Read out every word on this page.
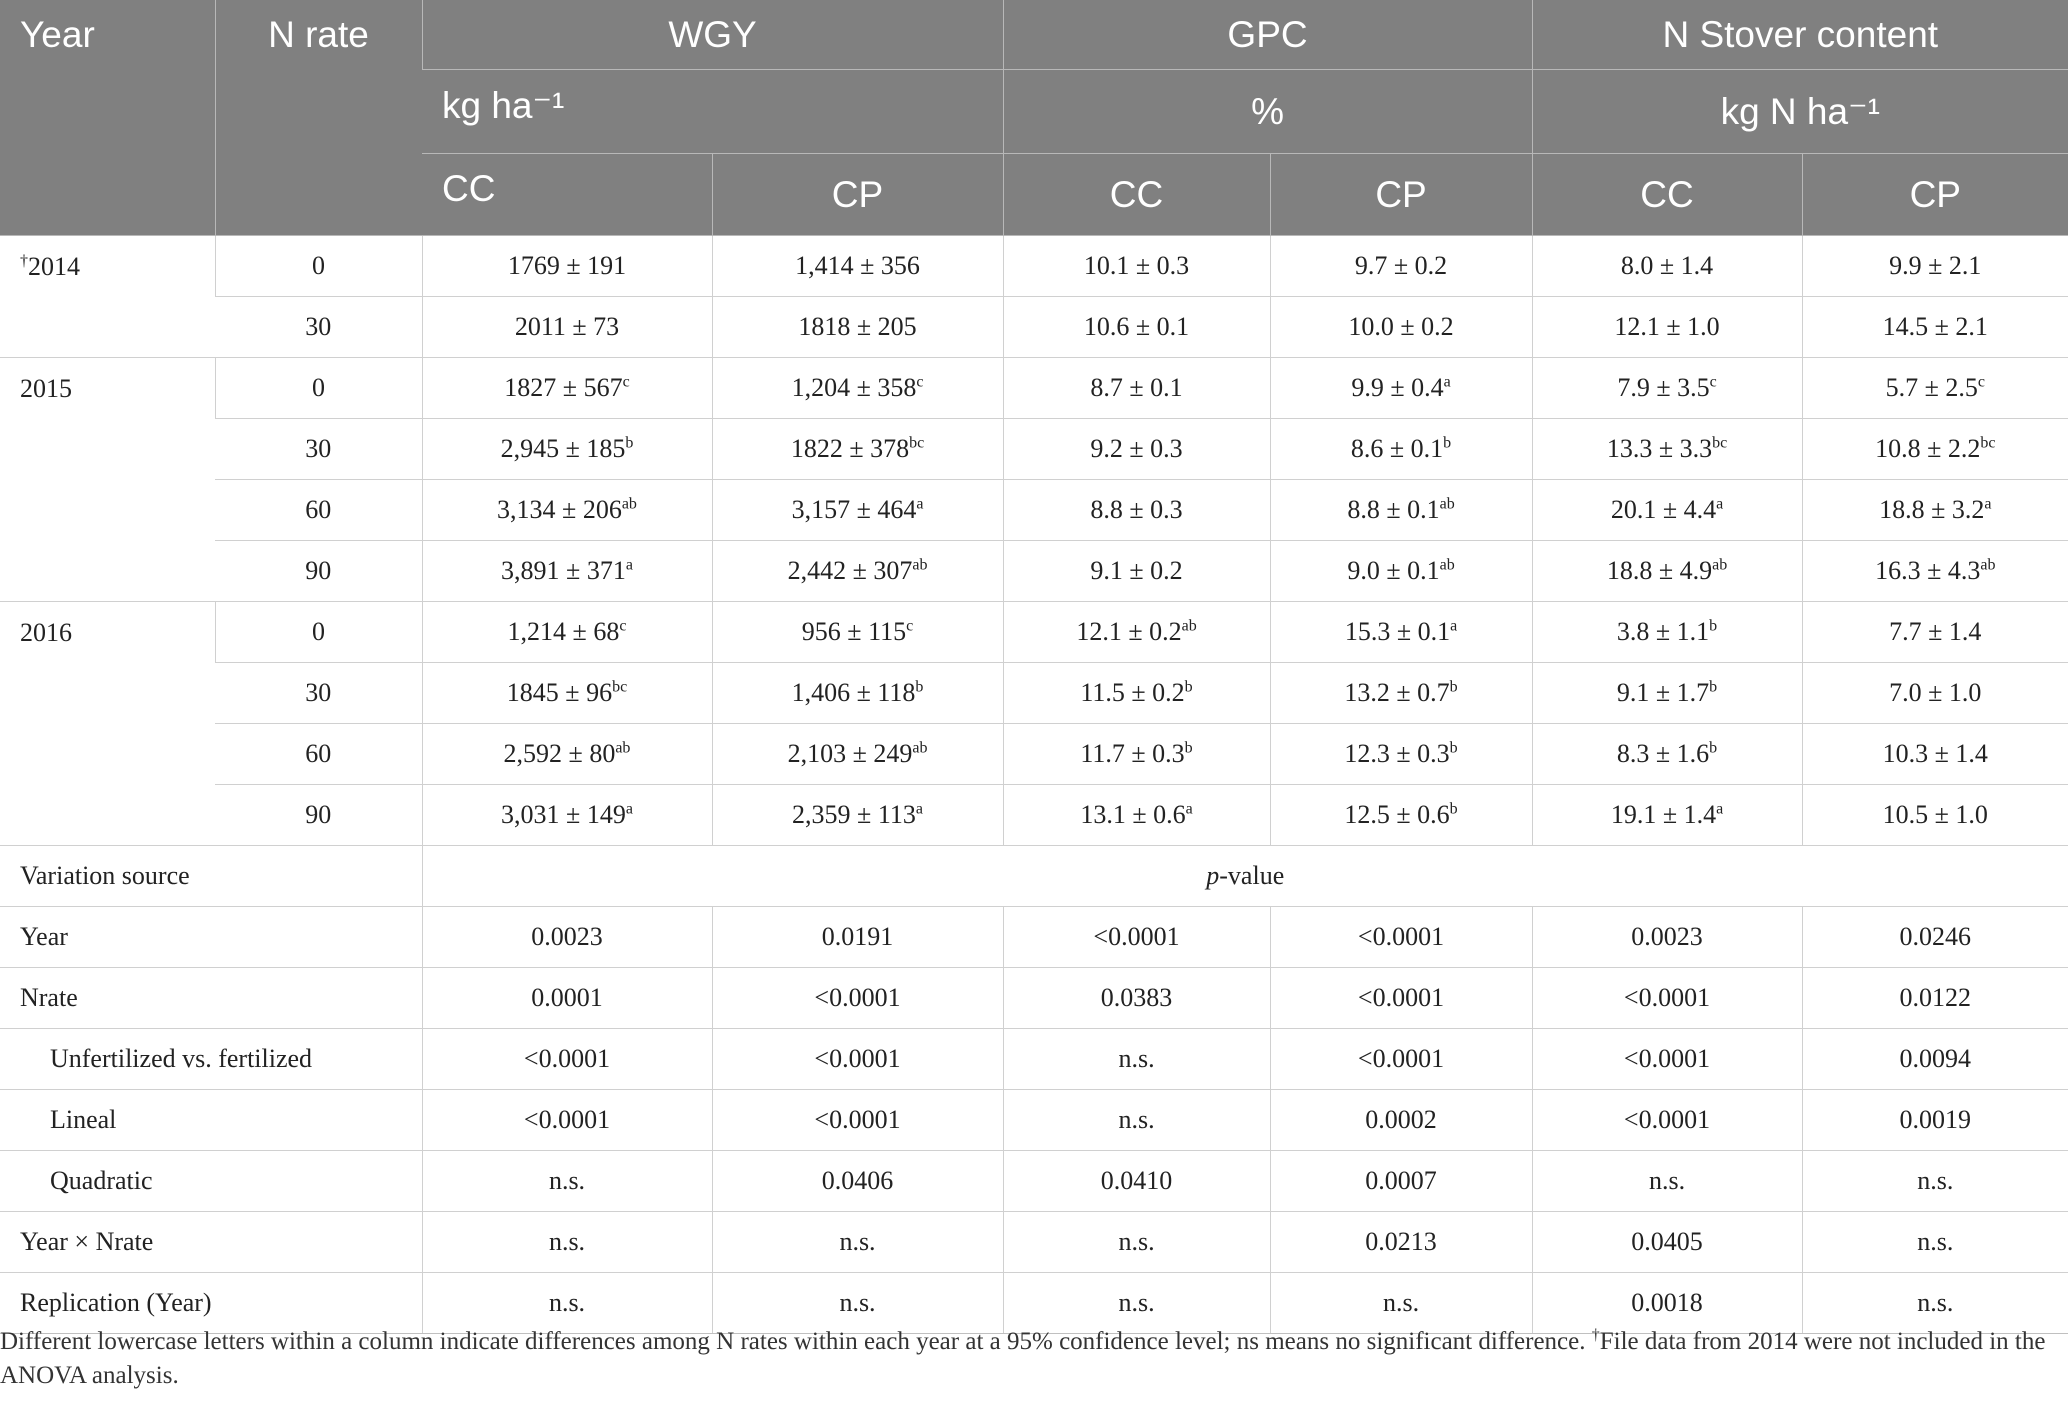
Year	N rate	WGY		GPC		N Stover content	
		kg ha⁻¹		%		kg N ha⁻¹	
		CC	CP	CC	CP	CC	CP
†2014	0	1769 ± 191	1,414 ± 356	10.1 ± 0.3	9.7 ± 0.2	8.0 ± 1.4	9.9 ± 2.1
	30	2011 ± 73	1818 ± 205	10.6 ± 0.1	10.0 ± 0.2	12.1 ± 1.0	14.5 ± 2.1
2015	0	$1827 \pm 567^c$	$1,204 \pm 358^c$	8.7 ± 0.1	9.9 ± 0.4$^a$	7.9 ± 3.5$^c$	5.7 ± 2.5$^c$
	30	$2,945 \pm 185^b$	$1822 \pm 378^{bc}$	9.2 ± 0.3	8.6 ± 0.1$^b$	13.3 ± 3.3$^{bc}$	10.8 ± 2.2$^{bc}$
	60	$3,134 \pm 206^{ab}$	$3,157 \pm 464^a$	8.8 ± 0.3	8.8 ± 0.1$^{ab}$	20.1 ± 4.4$^a$	18.8 ± 3.2$^a$
	90	$3,891 \pm 371^a$	$2,442 \pm 307^{ab}$	9.1 ± 0.2	9.0 ± 0.1$^{ab}$	18.8 ± 4.9$^{ab}$	16.3 ± 4.3$^{ab}$
2016	0	$1,214 \pm 68^c$	$956 \pm 115^c$	12.1 ± 0.2$^{ab}$	15.3 ± 0.1$^a$	3.8 ± 1.1$^b$	7.7 ± 1.4
	30	$1845 \pm 96^{bc}$	$1,406 \pm 118^b$	11.5 ± 0.2$^b$	13.2 ± 0.7$^b$	9.1 ± 1.7$^b$	7.0 ± 1.0
	60	$2,592 \pm 80^{ab}$	$2,103 \pm 249^{ab}$	11.7 ± 0.3$^b$	12.3 ± 0.3$^b$	8.3 ± 1.6$^b$	10.3 ± 1.4
	90	$3,031 \pm 149^a$	$2,359 \pm 113^a$	13.1 ± 0.6$^a$	12.5 ± 0.6$^b$	19.1 ± 1.4$^a$	10.5 ± 1.0
Variation source		p-value					
Year		0.0023	0.0191	<0.0001	<0.0001	0.0023	0.0246
Nrate		0.0001	<0.0001	0.0383	<0.0001	<0.0001	0.0122
Unfertilized vs. fertilized		<0.0001	<0.0001	n.s.	<0.0001	<0.0001	0.0094
Lineal		<0.0001	<0.0001	n.s.	0.0002	<0.0001	0.0019
Quadratic		n.s.	0.0406	0.0410	0.0007	n.s.	n.s.
Year × Nrate		n.s.	n.s.	n.s.	0.0213	0.0405	n.s.
Replication (Year)		n.s.	n.s.	n.s.	n.s.	0.0018	n.s.

Different lowercase letters within a column indicate differences among N rates within each year at a 95% confidence level; ns means no significant difference. †File data from 2014 were not included in the ANOVA analysis.
